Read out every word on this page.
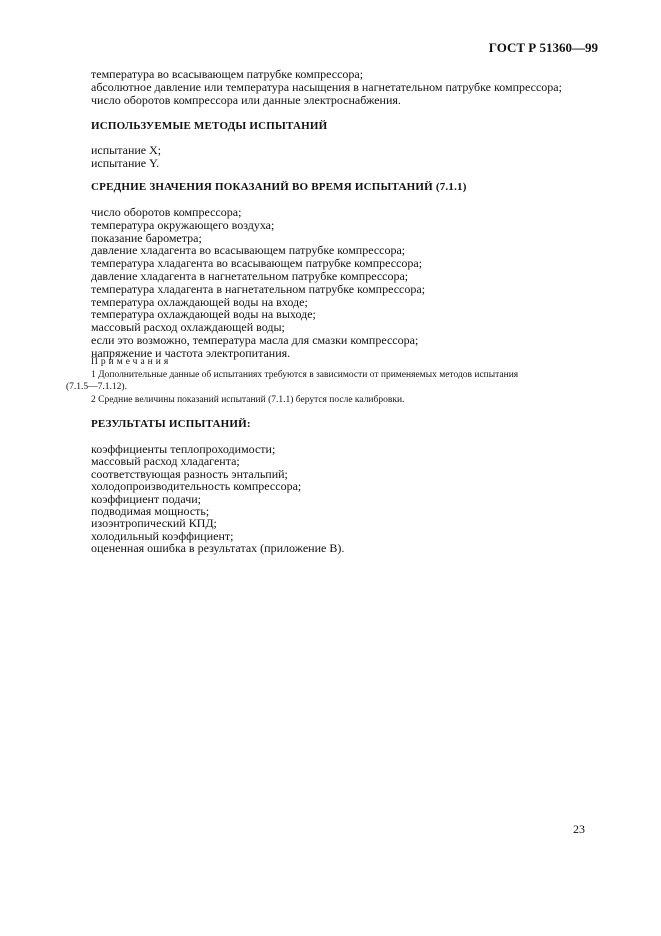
ГОСТ Р 51360—99
температура во всасывающем патрубке компрессора;
абсолютное давление или температура насыщения в нагнетательном патрубке компрессора;
число оборотов компрессора или данные электроснабжения.
ИСПОЛЬЗУЕМЫЕ МЕТОДЫ ИСПЫТАНИЙ
испытание X;
испытание Y.
СРЕДНИЕ ЗНАЧЕНИЯ ПОКАЗАНИЙ ВО ВРЕМЯ ИСПЫТАНИЙ (7.1.1)
число оборотов компрессора;
температура окружающего воздуха;
показание барометра;
давление хладагента во всасывающем патрубке компрессора;
температура хладагента во всасывающем патрубке компрессора;
давление хладагента в нагнетательном патрубке компрессора;
температура хладагента в нагнетательном патрубке компрессора;
температура охлаждающей воды на входе;
температура охлаждающей воды на выходе;
массовый расход охлаждающей воды;
если это возможно, температура масла для смазки компрессора;
напряжение и частота электропитания.
Примечания
1 Дополнительные данные об испытаниях требуются в зависимости от применяемых методов испытания
(7.1.5—7.1.12).
2 Средние величины показаний испытаний (7.1.1) берутся после калибровки.
РЕЗУЛЬТАТЫ ИСПЫТАНИЙ:
коэффициенты теплопроходимости;
массовый расход хладагента;
соответствующая разность энтальпий;
холодопроизводительность компрессора;
коэффициент подачи;
подводимая мощность;
изоэнтропический КПД;
холодильный коэффициент;
оцененная ошибка в результатах (приложение В).
23
